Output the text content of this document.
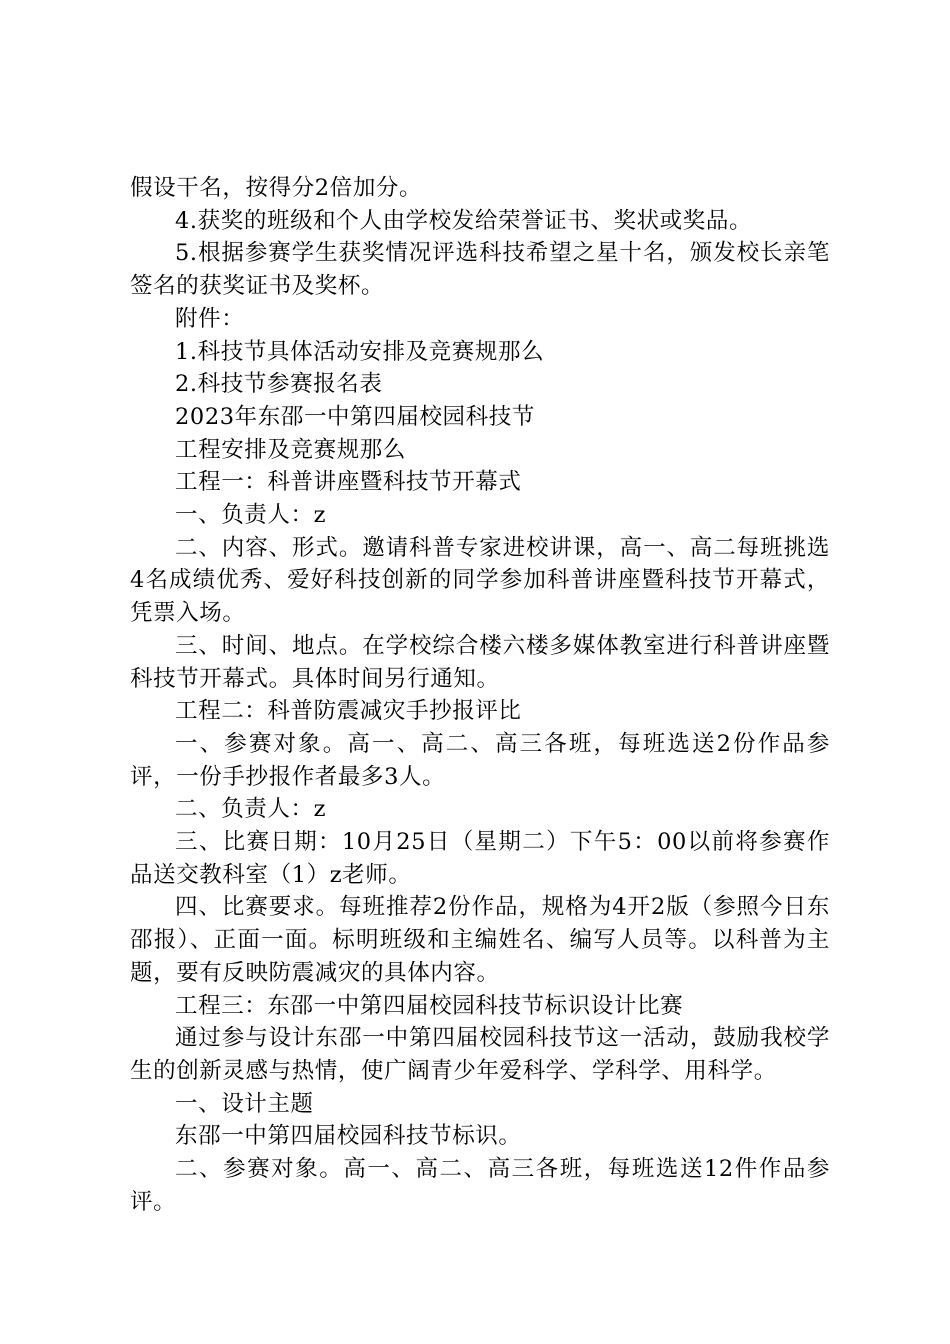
假设干名，按得分2倍加分。

4.获奖的班级和个人由学校发给荣誉证书、奖状或奖品。

5.根据参赛学生获奖情况评选科技希望之星十名，颁发校长亲笔签名的获奖证书及奖杯。

附件：

1.科技节具体活动安排及竞赛规那么

2.科技节参赛报名表

2023年东邵一中第四届校园科技节

工程安排及竞赛规那么

工程一：科普讲座暨科技节开幕式

一、负责人：z

二、内容、形式。邀请科普专家进校讲课，高一、高二每班挑选4名成绩优秀、爱好科技创新的同学参加科普讲座暨科技节开幕式，凭票入场。

三、时间、地点。在学校综合楼六楼多媒体教室进行科普讲座暨科技节开幕式。具体时间另行通知。

工程二：科普防震减灾手抄报评比

一、参赛对象。高一、高二、高三各班，每班选送2份作品参评，一份手抄报作者最多3人。

二、负责人：z

三、比赛日期：10月25日（星期二）下午5：00以前将参赛作品送交教科室（1）z老师。

四、比赛要求。每班推荐2份作品，规格为4开2版（参照今日东邵报）、正面一面。标明班级和主编姓名、编写人员等。以科普为主题，要有反映防震减灾的具体内容。

工程三：东邵一中第四届校园科技节标识设计比赛

通过参与设计东邵一中第四届校园科技节这一活动，鼓励我校学生的创新灵感与热情，使广阔青少年爱科学、学科学、用科学。

一、设计主题

东邵一中第四届校园科技节标识。

二、参赛对象。高一、高二、高三各班，每班选送12件作品参评。
